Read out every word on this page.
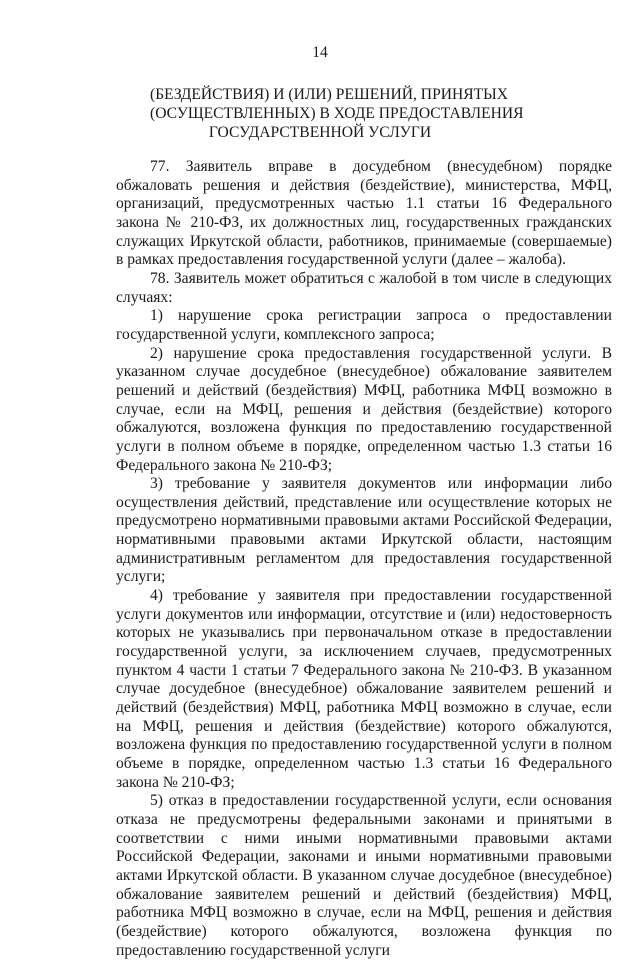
14
(БЕЗДЕЙСТВИЯ) И (ИЛИ) РЕШЕНИЙ, ПРИНЯТЫХ
(ОСУЩЕСТВЛЕННЫХ) В ХОДЕ ПРЕДОСТАВЛЕНИЯ
ГОСУДАРСТВЕННОЙ УСЛУГИ

77. Заявитель вправе в досудебном (внесудебном) порядке обжаловать решения и действия (бездействие), министерства, МФЦ, организаций, предусмотренных частью 1.1 статьи 16 Федерального закона № 210-ФЗ, их должностных лиц, государственных гражданских служащих Иркутской области, работников, принимаемые (совершаемые) в рамках предоставления государственной услуги (далее – жалоба).

78. Заявитель может обратиться с жалобой в том числе в следующих случаях:

1) нарушение срока регистрации запроса о предоставлении государственной услуги, комплексного запроса;

2) нарушение срока предоставления государственной услуги. В указанном случае досудебное (внесудебное) обжалование заявителем решений и действий (бездействия) МФЦ, работника МФЦ возможно в случае, если на МФЦ, решения и действия (бездействие) которого обжалуются, возложена функция по предоставлению государственной услуги в полном объеме в порядке, определенном частью 1.3 статьи 16 Федерального закона № 210-ФЗ;

3) требование у заявителя документов или информации либо осуществления действий, представление или осуществление которых не предусмотрено нормативными правовыми актами Российской Федерации, нормативными правовыми актами Иркутской области, настоящим административным регламентом для предоставления государственной услуги;

4) требование у заявителя при предоставлении государственной услуги документов или информации, отсутствие и (или) недостоверность которых не указывались при первоначальном отказе в предоставлении государственной услуги, за исключением случаев, предусмотренных пунктом 4 части 1 статьи 7 Федерального закона № 210-ФЗ. В указанном случае досудебное (внесудебное) обжалование заявителем решений и действий (бездействия) МФЦ, работника МФЦ возможно в случае, если на МФЦ, решения и действия (бездействие) которого обжалуются, возложена функция по предоставлению государственной услуги в полном объеме в порядке, определенном частью 1.3 статьи 16 Федерального закона № 210-ФЗ;

5) отказ в предоставлении государственной услуги, если основания отказа не предусмотрены федеральными законами и принятыми в соответствии с ними иными нормативными правовыми актами Российской Федерации, законами и иными нормативными правовыми актами Иркутской области. В указанном случае досудебное (внесудебное) обжалование заявителем решений и действий (бездействия) МФЦ, работника МФЦ возможно в случае, если на МФЦ, решения и действия (бездействие) которого обжалуются, возложена функция по предоставлению государственной услуги
